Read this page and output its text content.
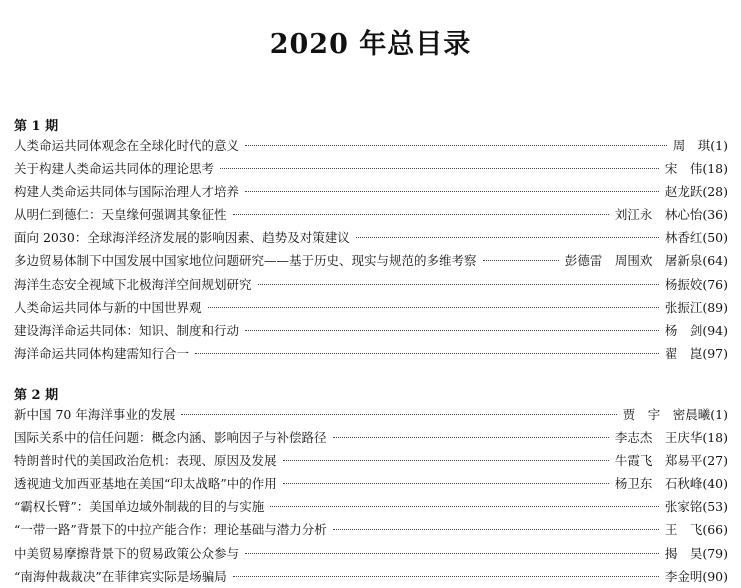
2020 年总目录
第 1 期
人类命运共同体观念在全球化时代的意义	周　琪(1)
关于构建人类命运共同体的理论思考	宋　伟(18)
构建人类命运共同体与国际治理人才培养	赵龙跃(28)
从明仁到德仁：天皇缘何强调其象征性	刘江永　林心怡(36)
面向 2030：全球海洋经济发展的影响因素、趋势及对策建议	林香红(50)
多边贸易体制下中国发展中国家地位问题研究——基于历史、现实与规范的多维考察	彭德雷　周围欢　屠新泉(64)
海洋生态安全视域下北极海洋空间规划研究	杨振姣(76)
人类命运共同体与新的中国世界观	张振江(89)
建设海洋命运共同体：知识、制度和行动	杨　剑(94)
海洋命运共同体构建需知行合一	翟　崑(97)
第 2 期
新中国 70 年海洋事业的发展	贾　宇　密晨曦(1)
国际关系中的信任问题：概念内涵、影响因子与补偿路径	李志杰　王庆华(18)
特朗普时代的美国政治危机：表现、原因及发展	牛霞飞　郑易平(27)
透视迪戈加西亚基地在美国“印太战略”中的作用	杨卫东　石秋峰(40)
“霸权长臂”：美国单边域外制裁的目的与实施	张家铭(53)
“一带一路”背景下的中拉产能合作：理论基础与潜力分析	王　飞(66)
中美贸易摩擦背景下的贸易政策公众参与	揭　昊(79)
“南海仲裁裁决”在菲律宾实际是场骗局	李金明(90)
